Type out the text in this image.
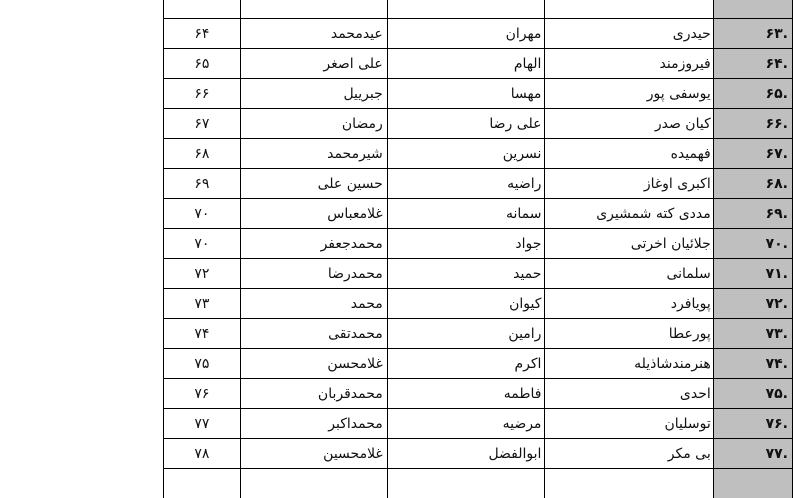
.۶۳	حیدری	مهران	عیدمحمد	۶۴
.۶۴	فیروزمند	الهام	علی اصغر	۶۵
.۶۵	یوسفی پور	مهسا	جبرییل	۶۶
.۶۶	کیان صدر	علی رضا	رمضان	۶۷
.۶۷	فهمیده	نسرین	شیرمحمد	۶۸
.۶۸	اکبری اوغاز	راضیه	حسین علی	۶۹
.۶۹	مددی کته شمشیری	سمانه	غلامعباس	۷۰
.۷۰	جلائیان اخرتی	جواد	محمدجعفر	۷۰
.۷۱	سلمانی	حمید	محمدرضا	۷۲
.۷۲	پویافرد	کیوان	محمد	۷۳
.۷۳	پورعطا	رامین	محمدتقی	۷۴
.۷۴	هنرمندشاذیله	اکرم	غلامحسن	۷۵
.۷۵	احدی	فاطمه	محمدقربان	۷۶
.۷۶	توسلیان	مرضیه	محمداکبر	۷۷
.۷۷	بی مکر	ابوالفضل	غلامحسین	۷۸
